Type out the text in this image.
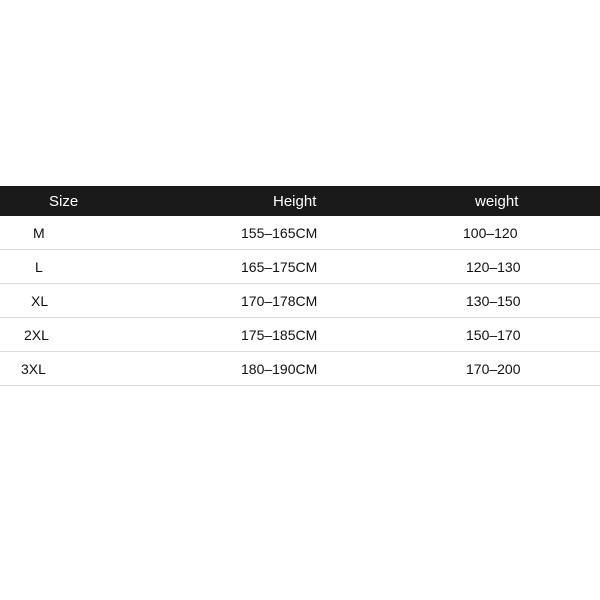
Size	Height	weight
M	155–165CM	100–120
L	165–175CM	120–130
XL	170–178CM	130–150
2XL	175–185CM	150–170
3XL	180–190CM	170–200
